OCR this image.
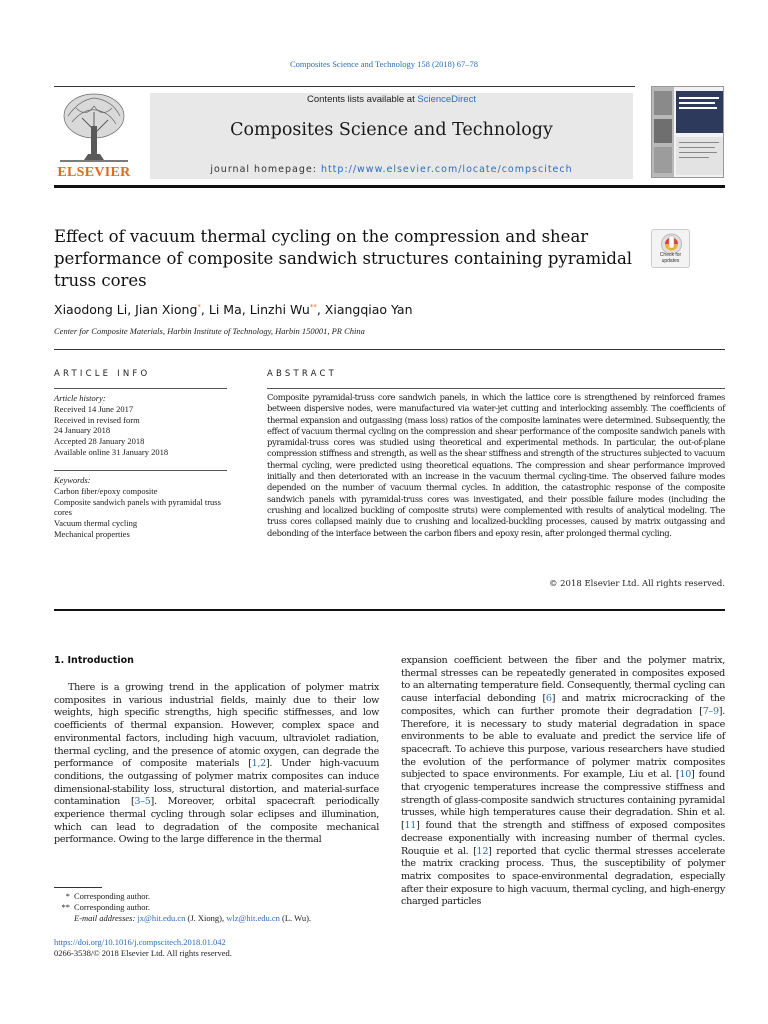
Composites Science and Technology 158 (2018) 67–78
ELSEVIER
Contents lists available at ScienceDirect
Composites Science and Technology
journal homepage: http://www.elsevier.com/locate/compscitech
Effect of vacuum thermal cycling on the compression and shear performance of composite sandwich structures containing pyramidal truss cores
Check for updates
Xiaodong Li, Jian Xiong*, Li Ma, Linzhi Wu**, Xiangqiao Yan
Center for Composite Materials, Harbin Institute of Technology, Harbin 150001, PR China
ARTICLE INFO
Article history:
Received 14 June 2017
Received in revised form
24 January 2018
Accepted 28 January 2018
Available online 31 January 2018
Keywords:
Carbon fiber/epoxy composite
Composite sandwich panels with pyramidal truss cores
Vacuum thermal cycling
Mechanical properties
ABSTRACT
Composite pyramidal-truss core sandwich panels, in which the lattice core is strengthened by reinforced frames between dispersive nodes, were manufactured via water-jet cutting and interlocking assembly. The coefficients of thermal expansion and outgassing (mass loss) ratios of the composite laminates were determined. Subsequently, the effect of vacuum thermal cycling on the compression and shear performance of the composite sandwich panels with pyramidal-truss cores was studied using theoretical and experimental methods. In particular, the out-of-plane compression stiffness and strength, as well as the shear stiffness and strength of the structures subjected to vacuum thermal cycling, were predicted using theoretical equations. The compression and shear performance improved initially and then deteriorated with an increase in the vacuum thermal cycling-time. The observed failure modes depended on the number of vacuum thermal cycles. In addition, the catastrophic response of the composite sandwich panels with pyramidal-truss cores was investigated, and their possible failure modes (including the crushing and localized buckling of composite struts) were complemented with results of analytical modeling. The truss cores collapsed mainly due to crushing and localized-buckling processes, caused by matrix outgassing and debonding of the interface between the carbon fibers and epoxy resin, after prolonged thermal cycling.
© 2018 Elsevier Ltd. All rights reserved.
1. Introduction
There is a growing trend in the application of polymer matrix composites in various industrial fields, mainly due to their low weights, high specific strengths, high specific stiffnesses, and low coefficients of thermal expansion. However, complex space and environmental factors, including high vacuum, ultraviolet radiation, thermal cycling, and the presence of atomic oxygen, can degrade the performance of composite materials [1,2]. Under high-vacuum conditions, the outgassing of polymer matrix composites can induce dimensional-stability loss, structural distortion, and material-surface contamination [3–5]. Moreover, orbital spacecraft periodically experience thermal cycling through solar eclipses and illumination, which can lead to degradation of the composite mechanical performance. Owing to the large difference in the thermal
expansion coefficient between the fiber and the polymer matrix, thermal stresses can be repeatedly generated in composites exposed to an alternating temperature field. Consequently, thermal cycling can cause interfacial debonding [6] and matrix microcracking of the composites, which can further promote their degradation [7–9]. Therefore, it is necessary to study material degradation in space environments to be able to evaluate and predict the service life of spacecraft. To achieve this purpose, various researchers have studied the evolution of the performance of polymer matrix composites subjected to space environments. For example, Liu et al. [10] found that cryogenic temperatures increase the compressive stiffness and strength of glass-composite sandwich structures containing pyramidal trusses, while high temperatures cause their degradation. Shin et al. [11] found that the strength and stiffness of exposed composites decrease exponentially with increasing number of thermal cycles. Rouquie et al. [12] reported that cyclic thermal stresses accelerate the matrix cracking process. Thus, the susceptibility of polymer matrix composites to space-environmental degradation, especially after their exposure to high vacuum, thermal cycling, and high-energy charged particles
* Corresponding author.
** Corresponding author.
E-mail addresses: jx@hit.edu.cn (J. Xiong), wlz@hit.edu.cn (L. Wu).
https://doi.org/10.1016/j.compscitech.2018.01.042
0266-3538/© 2018 Elsevier Ltd. All rights reserved.
